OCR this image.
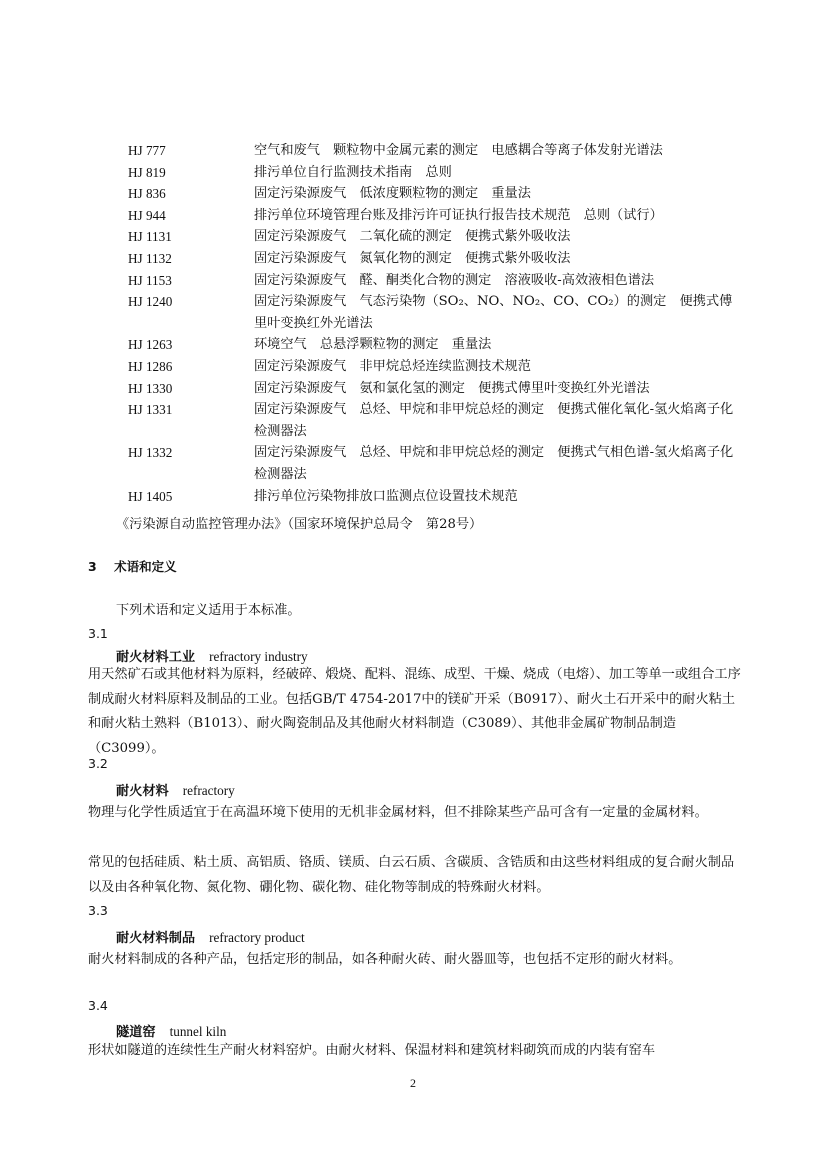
HJ 777	空气和废气　颗粒物中金属元素的测定　电感耦合等离子体发射光谱法
HJ 819	排污单位自行监测技术指南　总则
HJ 836	固定污染源废气　低浓度颗粒物的测定　重量法
HJ 944	排污单位环境管理台账及排污许可证执行报告技术规范　总则（试行）
HJ 1131	固定污染源废气　二氧化硫的测定　便携式紫外吸收法
HJ 1132	固定污染源废气　氮氧化物的测定　便携式紫外吸收法
HJ 1153	固定污染源废气　醛、酮类化合物的测定　溶液吸收-高效液相色谱法
HJ 1240	固定污染源废气　气态污染物（SO₂、NO、NO₂、CO、CO₂）的测定　便携式傅里叶变换红外光谱法
HJ 1263	环境空气　总悬浮颗粒物的测定　重量法
HJ 1286	固定污染源废气　非甲烷总烃连续监测技术规范
HJ 1330	固定污染源废气　氨和氯化氢的测定　便携式傅里叶变换红外光谱法
HJ 1331	固定污染源废气　总烃、甲烷和非甲烷总烃的测定　便携式催化氧化-氢火焰离子化检测器法
HJ 1332	固定污染源废气　总烃、甲烷和非甲烷总烃的测定　便携式气相色谱-氢火焰离子化检测器法
HJ 1405	排污单位污染物排放口监测点位设置技术规范
《污染源自动监控管理办法》（国家环境保护总局令　第28号）
3 术语和定义

下列术语和定义适用于本标准。

3.1
耐火材料工业 refractory industry

用天然矿石或其他材料为原料，经破碎、煅烧、配料、混练、成型、干燥、烧成（电熔）、加工等单一或组合工序制成耐火材料原料及制品的工业。包括GB/T 4754-2017中的镁矿开采（B0917）、耐火土石开采中的耐火粘土和耐火粘土熟料（B1013）、耐火陶瓷制品及其他耐火材料制造（C3089）、其他非金属矿物制品制造（C3099）。

3.2
耐火材料 refractory

物理与化学性质适宜于在高温环境下使用的无机非金属材料，但不排除某些产品可含有一定量的金属材料。

常见的包括硅质、粘土质、高铝质、铬质、镁质、白云石质、含碳质、含锆质和由这些材料组成的复合耐火制品以及由各种氧化物、氮化物、硼化物、碳化物、硅化物等制成的特殊耐火材料。

3.3
耐火材料制品 refractory product

耐火材料制成的各种产品，包括定形的制品，如各种耐火砖、耐火器皿等，也包括不定形的耐火材料。

3.4
隧道窑 tunnel kiln

形状如隧道的连续性生产耐火材料窑炉。由耐火材料、保温材料和建筑材料砌筑而成的内装有窑车

2
